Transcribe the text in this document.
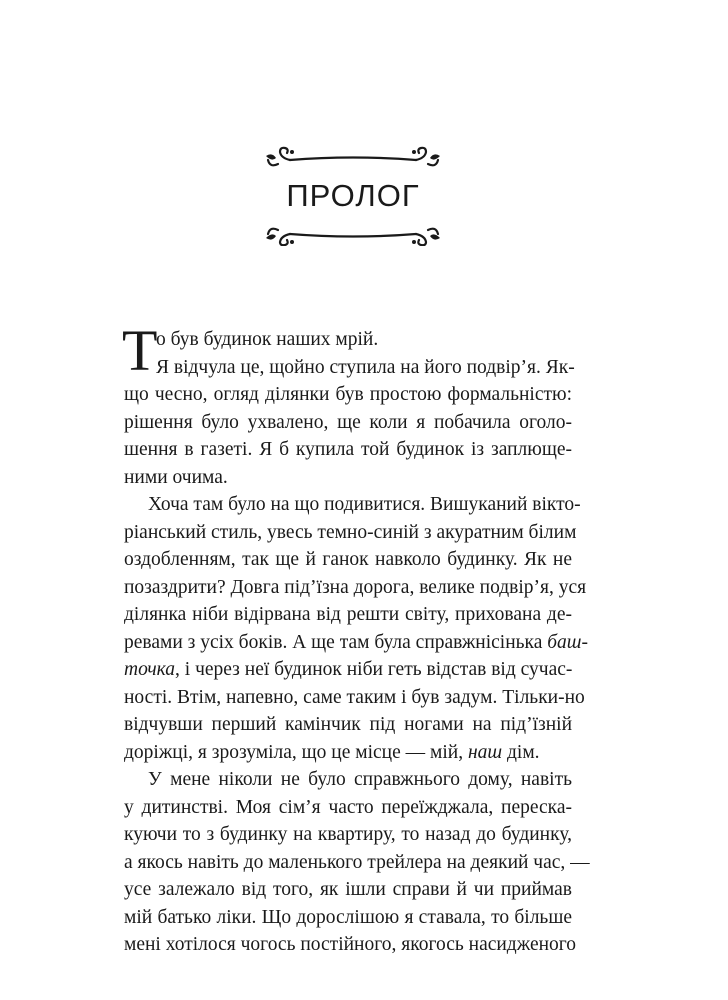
ПРОЛОГ
Т
о був будинок наших мрій.
Я відчула це, щойно ступила на його подвір’я. Як-
що чесно, огляд ділянки був простою формальністю:
рішення було ухвалено, ще коли я побачила оголо-
шення в газеті. Я б купила той будинок із заплюще-
ними очима.
Хоча там було на що подивитися. Вишуканий вікто-
ріанський стиль, увесь темно-синій з акуратним білим
оздобленням, так ще й ганок навколо будинку. Як не
позаздрити? Довга під’їзна дорога, велике подвір’я, уся
ділянка ніби відірвана від решти світу, прихована де-
ревами з усіх боків. А ще там була справжнісінька баш-
точка, і через неї будинок ніби геть відстав від сучас-
ності. Втім, напевно, саме таким і був задум. Тільки-но
відчувши перший камінчик під ногами на під’їзній
доріжці, я зрозуміла, що це місце — мій, наш дім.
У мене ніколи не було справжнього дому, навіть
у дитинстві. Моя сім’я часто переїжджала, переска-
куючи то з будинку на квартиру, то назад до будинку,
а якось навіть до маленького трейлера на деякий час, —
усе залежало від того, як ішли справи й чи приймав
мій батько ліки. Що дорослішою я ставала, то більше
мені хотілося чогось постійного, якогось насидженого
